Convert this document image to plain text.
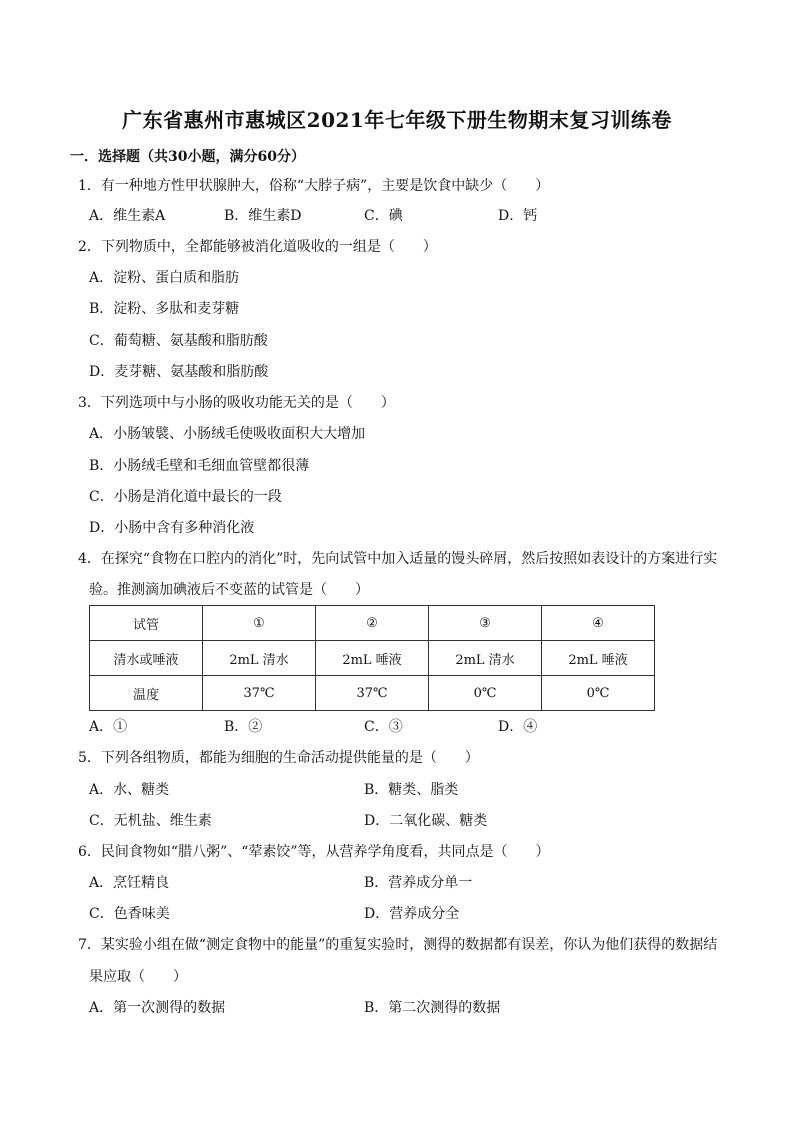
广东省惠州市惠城区2021年七年级下册生物期末复习训练卷
一．选择题（共30小题，满分60分）
1．有一种地方性甲状腺肿大，俗称“大脖子病”，主要是饮食中缺少（　　）
A．维生素A	B．维生素D	C．碘	D．钙
2．下列物质中，全都能够被消化道吸收的一组是（　　）
A．淀粉、蛋白质和脂肪
B．淀粉、多肽和麦芽糖
C．葡萄糖、氨基酸和脂肪酸
D．麦芽糖、氨基酸和脂肪酸
3．下列选项中与小肠的吸收功能无关的是（　　）
A．小肠皱襞、小肠绒毛使吸收面积大大增加
B．小肠绒毛壁和毛细血管壁都很薄
C．小肠是消化道中最长的一段
D．小肠中含有多种消化液
4．在探究“食物在口腔内的消化”时，先向试管中加入适量的馒头碎屑，然后按照如表设计的方案进行实
验。推测滴加碘液后不变蓝的试管是（　　）
试管	①	②	③	④
清水或唾液	2mL 清水	2mL 唾液	2mL 清水	2mL 唾液
温度	37℃	37℃	0℃	0℃
A．①	B．②	C．③	D．④
5．下列各组物质，都能为细胞的生命活动提供能量的是（　　）
A．水、糖类	B．糖类、脂类
C．无机盐、维生素	D．二氧化碳、糖类
6．民间食物如“腊八粥”、“荤素饺”等，从营养学角度看，共同点是（　　）
A．烹饪精良	B．营养成分单一
C．色香味美	D．营养成分全
7．某实验小组在做“测定食物中的能量”的重复实验时，测得的数据都有误差，你认为他们获得的数据结
果应取（　　）
A．第一次测得的数据	B．第二次测得的数据
